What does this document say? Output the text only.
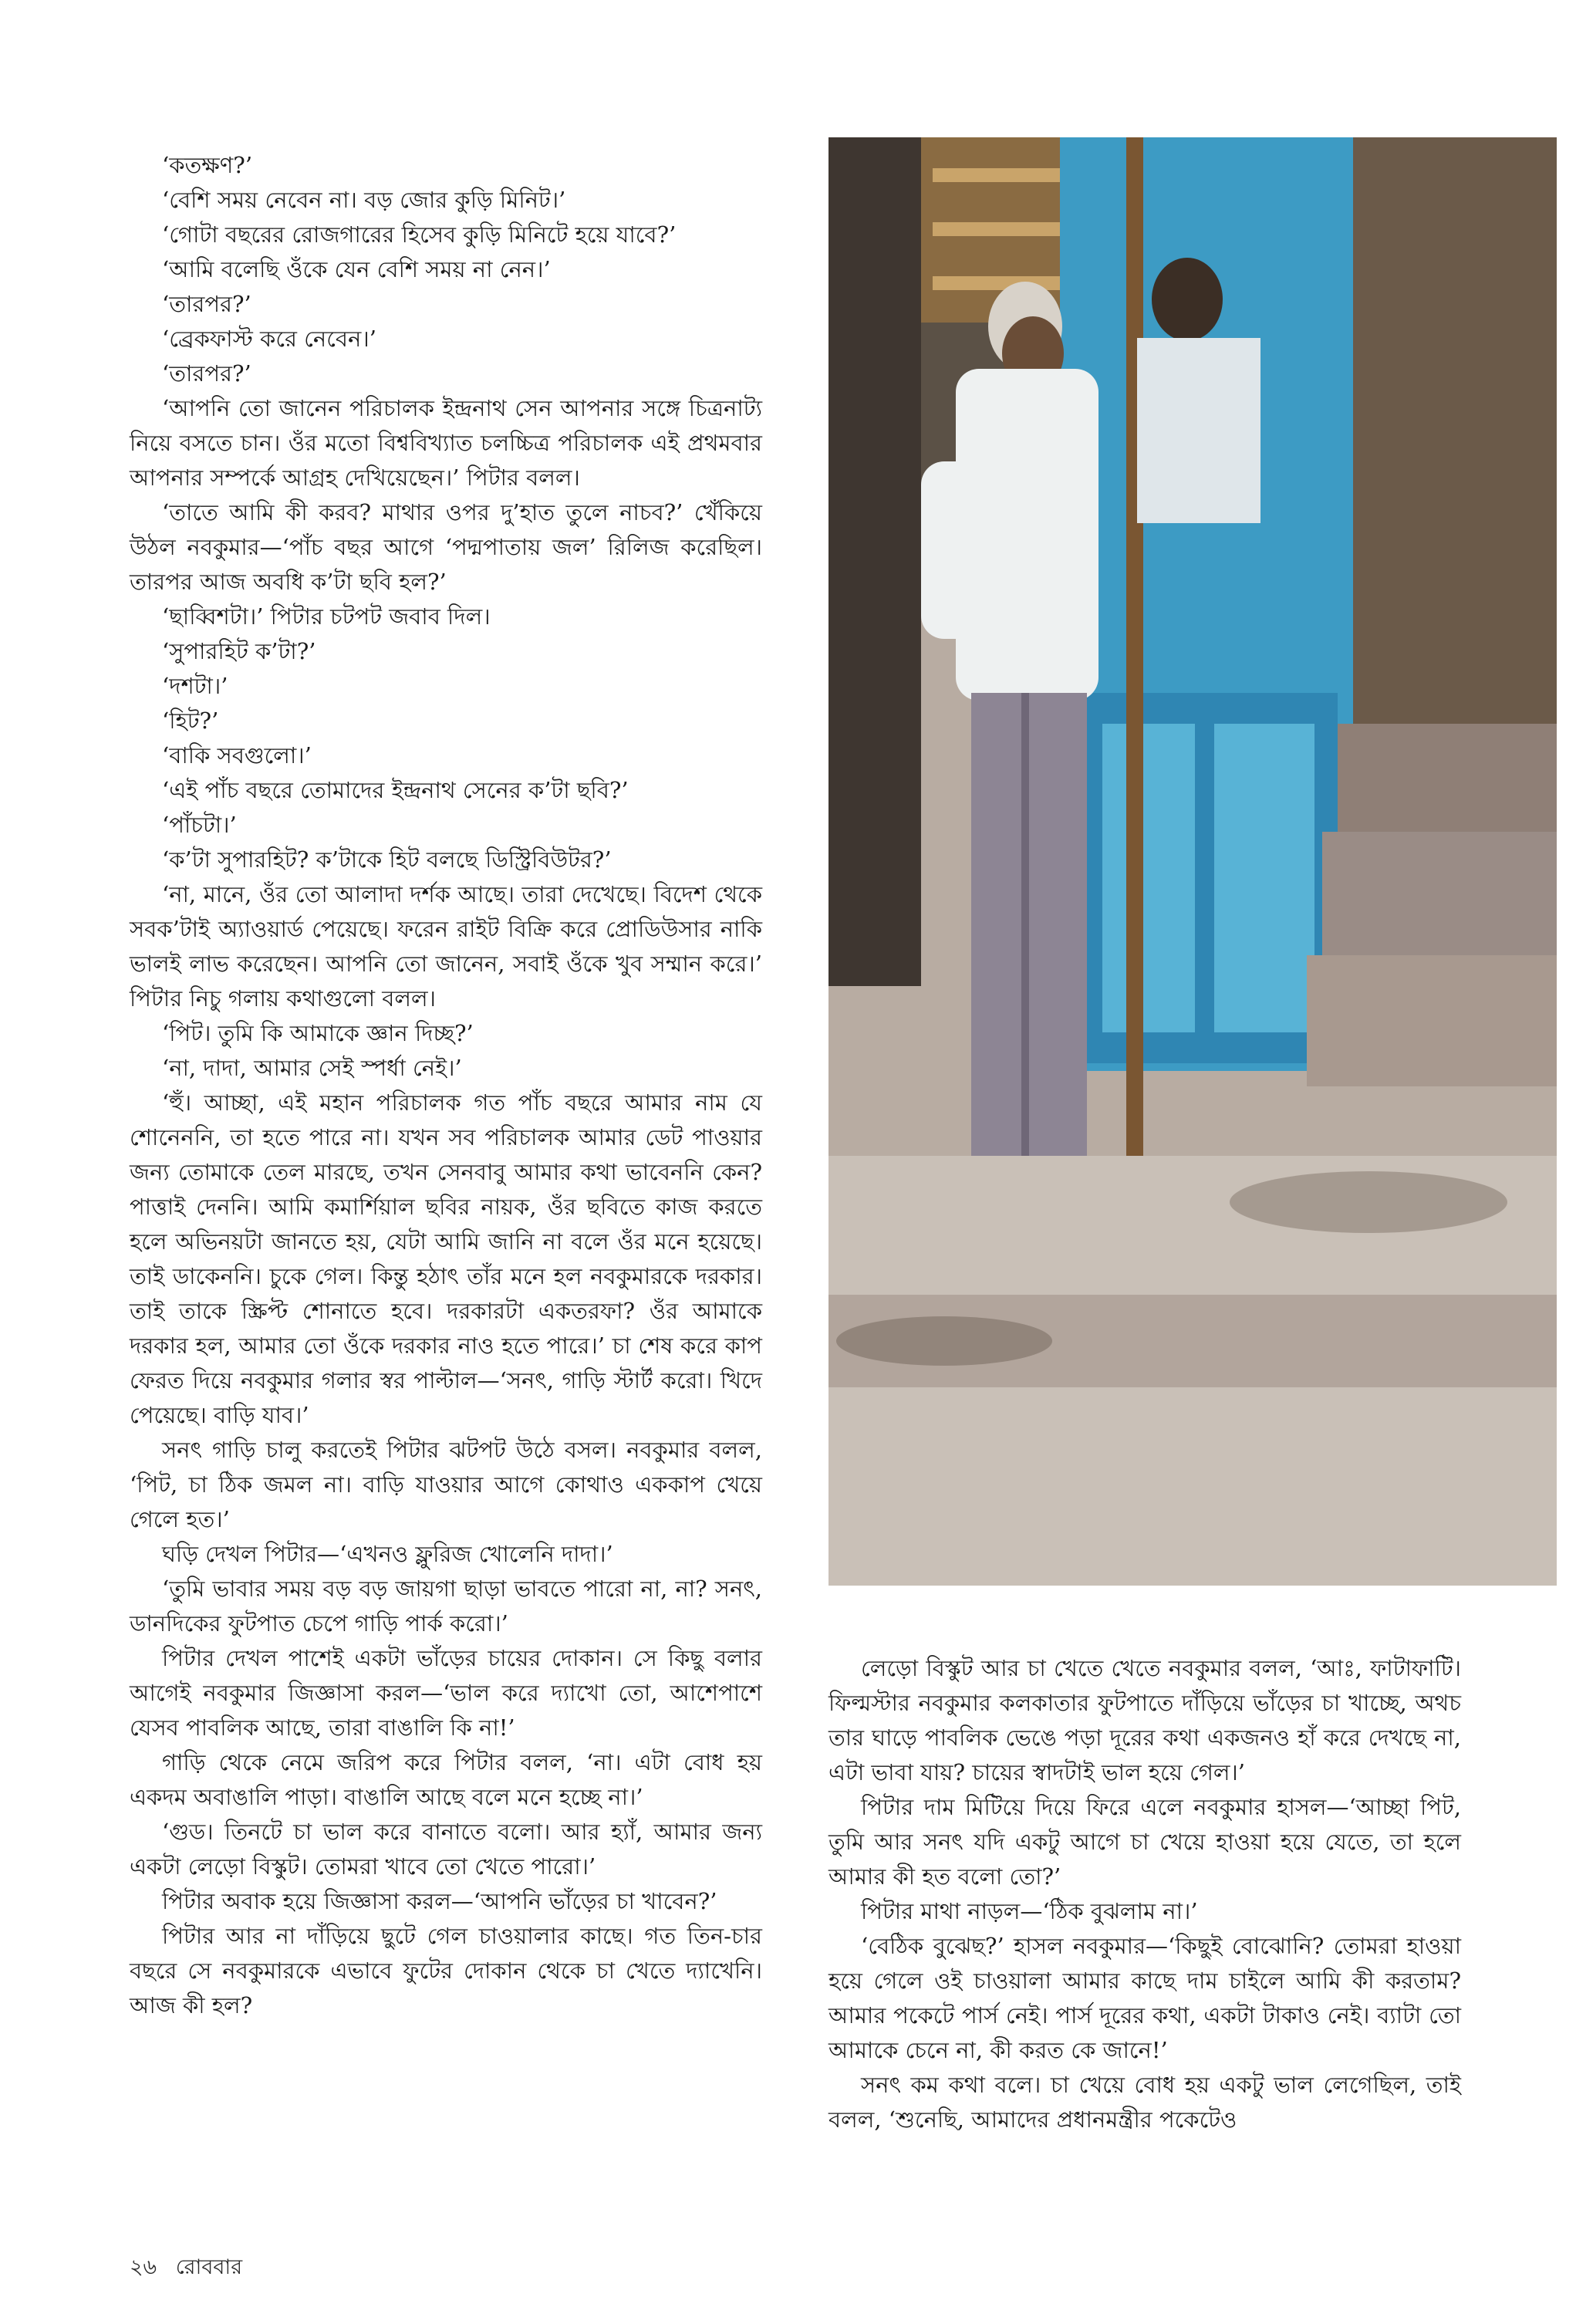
‘কতক্ষণ?’

‘বেশি সময় নেবেন না। বড় জোর কুড়ি মিনিট।’

‘গোটা বছরের রোজগারের হিসেব কুড়ি মিনিটে হয়ে যাবে?’

‘আমি বলেছি ওঁকে যেন বেশি সময় না নেন।’

‘তারপর?’

‘ব্রেকফাস্ট করে নেবেন।’

‘তারপর?’

‘আপনি তো জানেন পরিচালক ইন্দ্রনাথ সেন আপনার সঙ্গে চিত্রনাট্য নিয়ে বসতে চান। ওঁর মতো বিশ্ববিখ্যাত চলচ্চিত্র পরিচালক এই প্রথমবার আপনার সম্পর্কে আগ্রহ দেখিয়েছেন।’ পিটার বলল।

‘তাতে আমি কী করব? মাথার ওপর দু’হাত তুলে নাচব?’ খেঁকিয়ে উঠল নবকুমার—‘পাঁচ বছর আগে ‘পদ্মপাতায় জল’ রিলিজ করেছিল। তারপর আজ অবধি ক’টা ছবি হল?’

‘ছাব্বিশটা।’ পিটার চটপট জবাব দিল।

‘সুপারহিট ক’টা?’

‘দশটা।’

‘হিট?’

‘বাকি সবগুলো।’

‘এই পাঁচ বছরে তোমাদের ইন্দ্রনাথ সেনের ক’টা ছবি?’

‘পাঁচটা।’

‘ক’টা সুপারহিট? ক’টাকে হিট বলছে ডিস্ট্রিবিউটর?’

‘না, মানে, ওঁর তো আলাদা দর্শক আছে। তারা দেখেছে। বিদেশ থেকে সবক’টাই অ্যাওয়ার্ড পেয়েছে। ফরেন রাইট বিক্রি করে প্রোডিউসার নাকি ভালই লাভ করেছেন। আপনি তো জানেন, সবাই ওঁকে খুব সম্মান করে।’ পিটার নিচু গলায় কথাগুলো বলল।

‘পিট। তুমি কি আমাকে জ্ঞান দিচ্ছ?’

‘না, দাদা, আমার সেই স্পর্ধা নেই।’

‘হুঁ। আচ্ছা, এই মহান পরিচালক গত পাঁচ বছরে আমার নাম যে শোনেননি, তা হতে পারে না। যখন সব পরিচালক আমার ডেট পাওয়ার জন্য তোমাকে তেল মারছে, তখন সেনবাবু আমার কথা ভাবেননি কেন? পাত্তাই দেননি। আমি কমার্শিয়াল ছবির নায়ক, ওঁর ছবিতে কাজ করতে হলে অভিনয়টা জানতে হয়, যেটা আমি জানি না বলে ওঁর মনে হয়েছে। তাই ডাকেননি। চুকে গেল। কিন্তু হঠাৎ তাঁর মনে হল নবকুমারকে দরকার। তাই তাকে স্ক্রিপ্ট শোনাতে হবে। দরকারটা একতরফা? ওঁর আমাকে দরকার হল, আমার তো ওঁকে দরকার নাও হতে পারে।’ চা শেষ করে কাপ ফেরত দিয়ে নবকুমার গলার স্বর পাল্টাল—‘সনৎ, গাড়ি স্টার্ট করো। খিদে পেয়েছে। বাড়ি যাব।’

সনৎ গাড়ি চালু করতেই পিটার ঝটপট উঠে বসল। নবকুমার বলল, ‘পিট, চা ঠিক জমল না। বাড়ি যাওয়ার আগে কোথাও এককাপ খেয়ে গেলে হত।’

ঘড়ি দেখল পিটার—‘এখনও ফ্লুরিজ খোলেনি দাদা।’

‘তুমি ভাবার সময় বড় বড় জায়গা ছাড়া ভাবতে পারো না, না? সনৎ, ডানদিকের ফুটপাত চেপে গাড়ি পার্ক করো।’

পিটার দেখল পাশেই একটা ভাঁড়ের চায়ের দোকান। সে কিছু বলার আগেই নবকুমার জিজ্ঞাসা করল—‘ভাল করে দ্যাখো তো, আশেপাশে যেসব পাবলিক আছে, তারা বাঙালি কি না!’

গাড়ি থেকে নেমে জরিপ করে পিটার বলল, ‘না। এটা বোধ হয় একদম অবাঙালি পাড়া। বাঙালি আছে বলে মনে হচ্ছে না।’

‘গুড। তিনটে চা ভাল করে বানাতে বলো। আর হ্যাঁ, আমার জন্য একটা লেড়ো বিস্কুট। তোমরা খাবে তো খেতে পারো।’

পিটার অবাক হয়ে জিজ্ঞাসা করল—‘আপনি ভাঁড়ের চা খাবেন?’

পিটার আর না দাঁড়িয়ে ছুটে গেল চাওয়ালার কাছে। গত তিন-চার বছরে সে নবকুমারকে এভাবে ফুটের দোকান থেকে চা খেতে দ্যাখেনি। আজ কী হল?

লেড়ো বিস্কুট আর চা খেতে খেতে নবকুমার বলল, ‘আঃ, ফাটাফাটি। ফিল্মস্টার নবকুমার কলকাতার ফুটপাতে দাঁড়িয়ে ভাঁড়ের চা খাচ্ছে, অথচ তার ঘাড়ে পাবলিক ভেঙে পড়া দূরের কথা একজনও হাঁ করে দেখছে না, এটা ভাবা যায়? চায়ের স্বাদটাই ভাল হয়ে গেল।’

পিটার দাম মিটিয়ে দিয়ে ফিরে এলে নবকুমার হাসল—‘আচ্ছা পিট, তুমি আর সনৎ যদি একটু আগে চা খেয়ে হাওয়া হয়ে যেতে, তা হলে আমার কী হত বলো তো?’

পিটার মাথা নাড়ল—‘ঠিক বুঝলাম না।’

‘বেঠিক বুঝেছ?’ হাসল নবকুমার—‘কিছুই বোঝোনি? তোমরা হাওয়া হয়ে গেলে ওই চাওয়ালা আমার কাছে দাম চাইলে আমি কী করতাম? আমার পকেটে পার্স নেই। পার্স দূরের কথা, একটা টাকাও নেই। ব্যাটা তো আমাকে চেনে না, কী করত কে জানে!’

সনৎ কম কথা বলে। চা খেয়ে বোধ হয় একটু ভাল লেগেছিল, তাই বলল, ‘শুনেছি, আমাদের প্রধানমন্ত্রীর পকেটেও

২৬ রোববার
